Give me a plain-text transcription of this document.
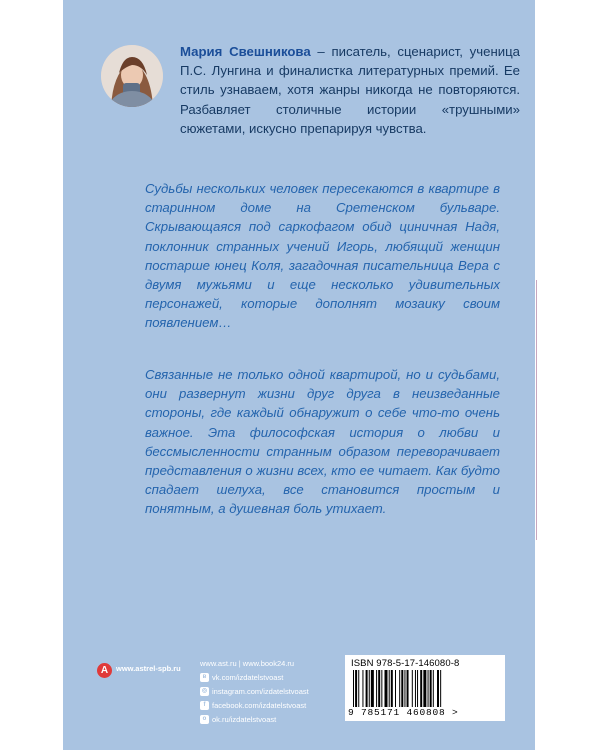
Мария Свешникова – писатель, сценарист, ученица П.С. Лунгина и финалистка литературных премий. Ее стиль узнаваем, хотя жанры никогда не повторяются. Разбавляет столичные истории «трушными» сюжетами, искусно препарируя чувства.
Судьбы нескольких человек пересекаются в квартире в старинном доме на Сретенском бульваре. Скрывающаяся под саркофагом обид циничная Надя, поклонник странных учений Игорь, любящий женщин постарше юнец Коля, загадочная писательница Вера с двумя мужьями и еще несколько удивительных персонажей, которые дополнят мозаику своим появлением…
Связанные не только одной квартирой, но и судьбами, они развернут жизни друг друга в неизведанные стороны, где каждый обнаружит о себе что-то очень важное. Эта философская история о любви и бессмысленности странным образом переворачивает представления о жизни всех, кто ее читает. Как будто спадает шелуха, все становится простым и понятным, а душевная боль утихает.
A www.astrel-spb.ru
www.ast.ru | www.book24.ru
в vk.com/izdatelstvoast
◎ instagram.com/izdatelstvoast
f facebook.com/izdatelstvoast
о ok.ru/izdatelstvoast
ISBN 978-5-17-146080-8
9 785171 460808 >
